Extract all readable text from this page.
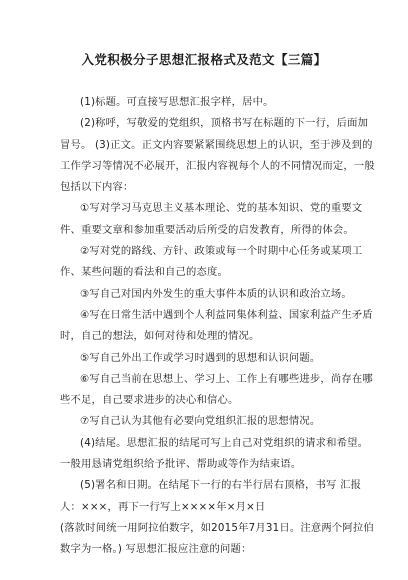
入党积极分子思想汇报格式及范文【三篇】
(1)标题。可直接写思想汇报字样，居中。
(2)称呼，写敬爱的党组织，顶格书写在标题的下一行，后面加
冒号。 (3)正文。正文内容要紧紧围绕思想上的认识，至于涉及到的
工作学习等情况不必展开，汇报内容视每个人的不同情况而定，一般
包括以下内容：
①写对学习马克思主义基本理论、党的基本知识、党的重要文
件、重要文章和参加重要活动后所受的启发教育，所得的体会。
②写对党的路线、方针、政策或每一个时期中心任务或某项工
作、某些问题的看法和自己的态度。
③写自己对国内外发生的重大事件本质的认识和政治立场。
④写在日常生活中遇到个人利益同集体利益、国家利益产生矛盾
时，自己的想法，如何对待和处理的情况。
⑤写自己外出工作或学习时遇到的思想和认识问题。
⑥写自己当前在思想上、学习上、工作上有哪些进步，尚存在哪
些不足，自己要求进步的决心和信心。
⑦写自己认为其他有必要向党组织汇报的思想情况。
(4)结尾。思想汇报的结尾可写上自己对党组织的请求和希望。
一般用恳请党组织给予批评、帮助或等作为结束语。
(5)署名和日期。在结尾下一行的右半行居右顶格，书写 汇报
人：×××，再下一行写上××××年×月×日
(落款时间统一用阿拉伯数字，如2015年7月31日。注意两个阿拉伯
数字为一格。) 写思想汇报应注意的问题：
